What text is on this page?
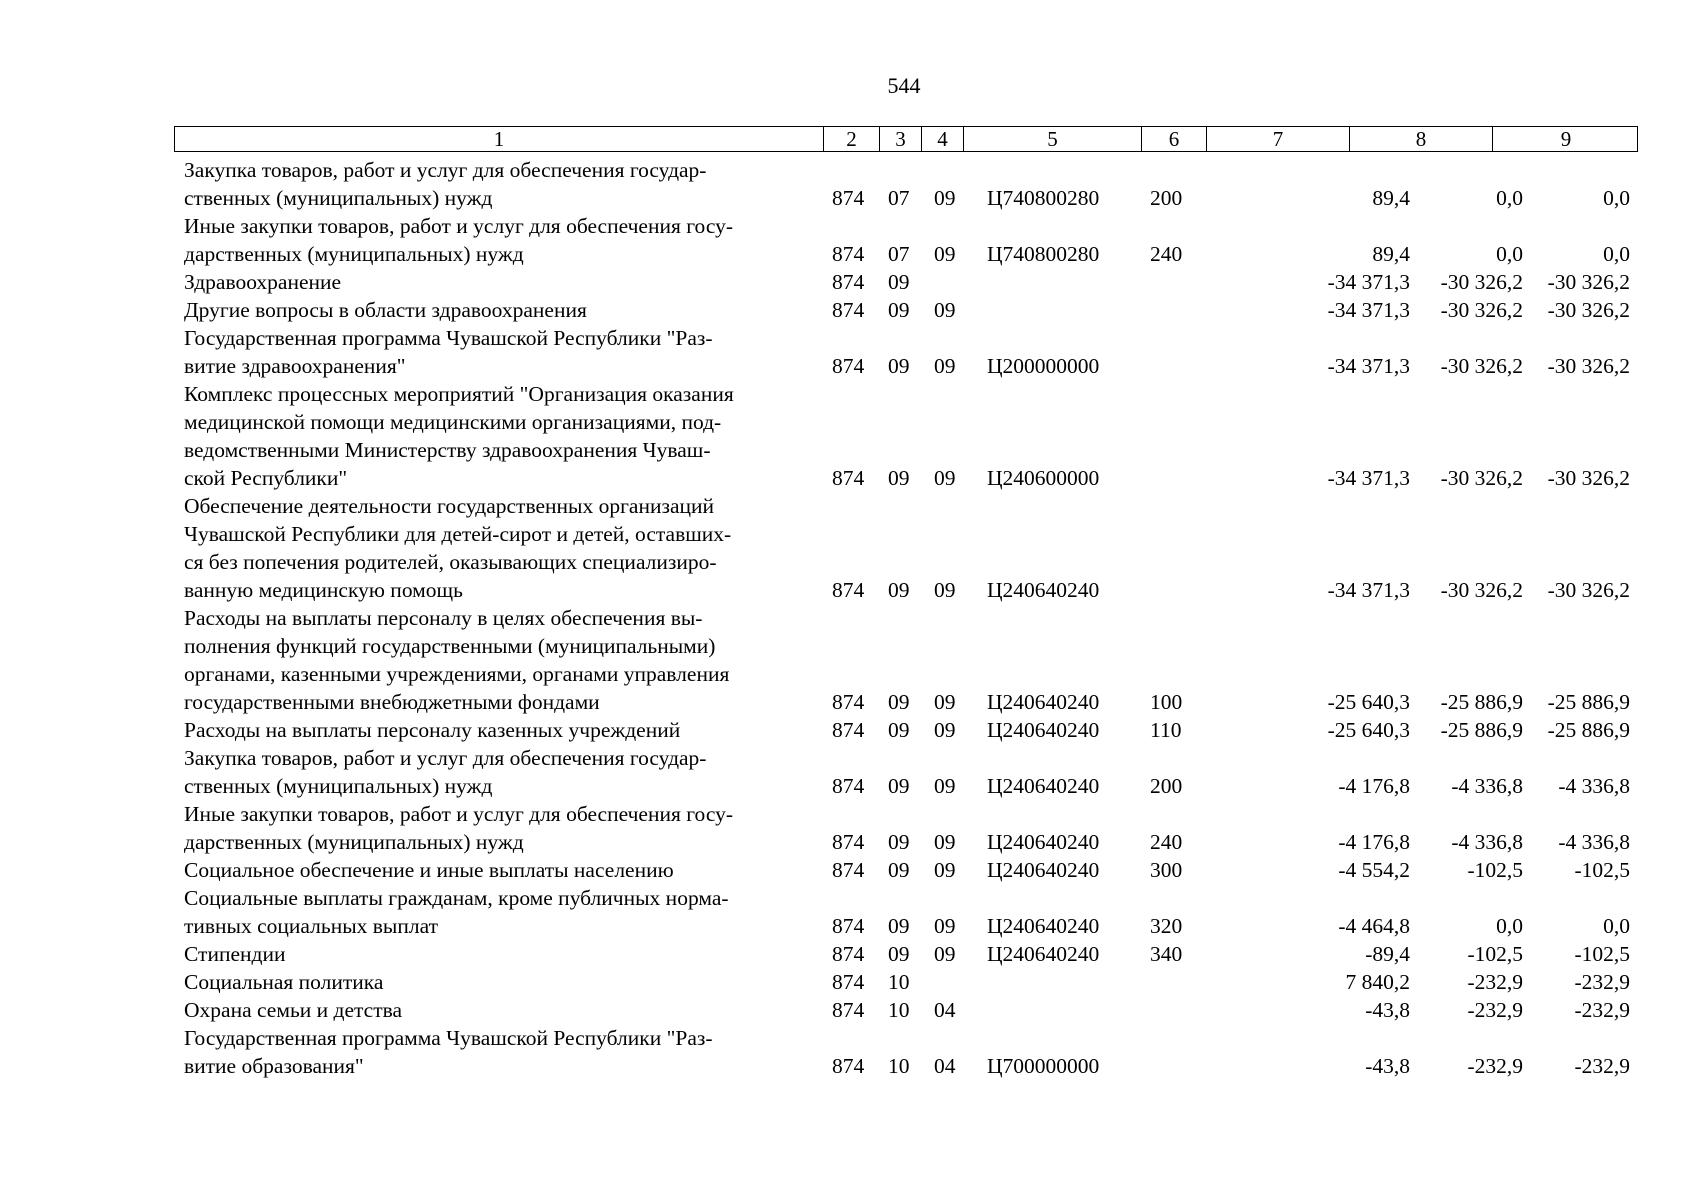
544
1	2	3	4	5	6	7	8	9
Закупка товаров, работ и услуг для обеспечения государ-
ственных (муниципальных) нужд	874 07 09 Ц740800280 200	89,4	0,0	0,0
Иные закупки товаров, работ и услуг для обеспечения госу-
дарственных (муниципальных) нужд	874 07 09 Ц740800280 240	89,4	0,0	0,0
Здравоохранение	874 09	-34 371,3	-30 326,2	-30 326,2
Другие вопросы в области здравоохранения	874 09 09	-34 371,3	-30 326,2	-30 326,2
Государственная программа Чувашской Республики "Раз-
витие здравоохранения"	874 09 09 Ц200000000	-34 371,3	-30 326,2	-30 326,2
Комплекс процессных мероприятий "Организация оказания
медицинской помощи медицинскими организациями, под-
ведомственными Министерству здравоохранения Чуваш-
ской Республики"	874 09 09 Ц240600000	-34 371,3	-30 326,2	-30 326,2
Обеспечение деятельности государственных организаций
Чувашской Республики для детей-сирот и детей, оставших-
ся без попечения родителей, оказывающих специализиро-
ванную медицинскую помощь	874 09 09 Ц240640240	-34 371,3	-30 326,2	-30 326,2
Расходы на выплаты персоналу в целях обеспечения вы-
полнения функций государственными (муниципальными)
органами, казенными учреждениями, органами управления
государственными внебюджетными фондами	874 09 09 Ц240640240 100	-25 640,3	-25 886,9	-25 886,9
Расходы на выплаты персоналу казенных учреждений	874 09 09 Ц240640240 110	-25 640,3	-25 886,9	-25 886,9
Закупка товаров, работ и услуг для обеспечения государ-
ственных (муниципальных) нужд	874 09 09 Ц240640240 200	-4 176,8	-4 336,8	-4 336,8
Иные закупки товаров, работ и услуг для обеспечения госу-
дарственных (муниципальных) нужд	874 09 09 Ц240640240 240	-4 176,8	-4 336,8	-4 336,8
Социальное обеспечение и иные выплаты населению	874 09 09 Ц240640240 300	-4 554,2	-102,5	-102,5
Социальные выплаты гражданам, кроме публичных норма-
тивных социальных выплат	874 09 09 Ц240640240 320	-4 464,8	0,0	0,0
Стипендии	874 09 09 Ц240640240 340	-89,4	-102,5	-102,5
Социальная политика	874 10	7 840,2	-232,9	-232,9
Охрана семьи и детства	874 10 04	-43,8	-232,9	-232,9
Государственная программа Чувашской Республики "Раз-
витие образования"	874 10 04 Ц700000000	-43,8	-232,9	-232,9
